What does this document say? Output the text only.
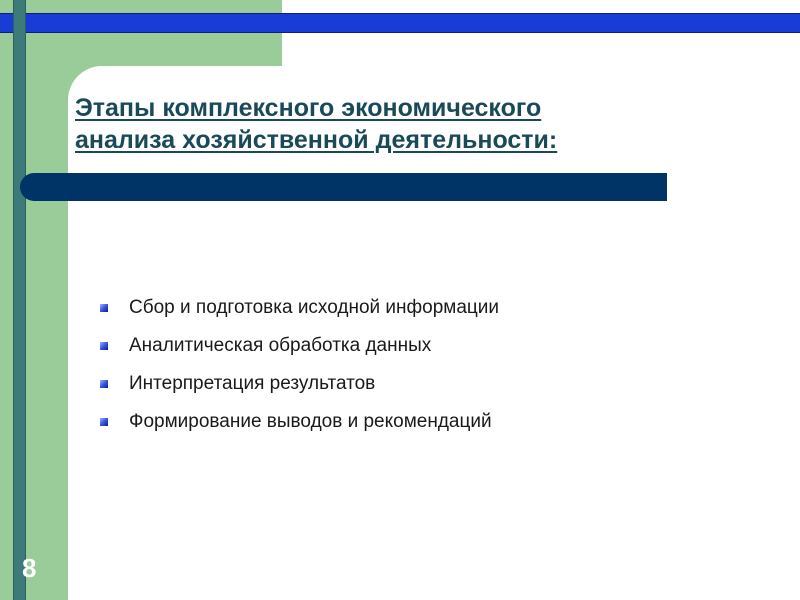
Этапы комплексного экономического
анализа хозяйственной деятельности:
Сбор и подготовка исходной информации
Аналитическая обработка данных
Интерпретация результатов
Формирование выводов и рекомендаций
8
